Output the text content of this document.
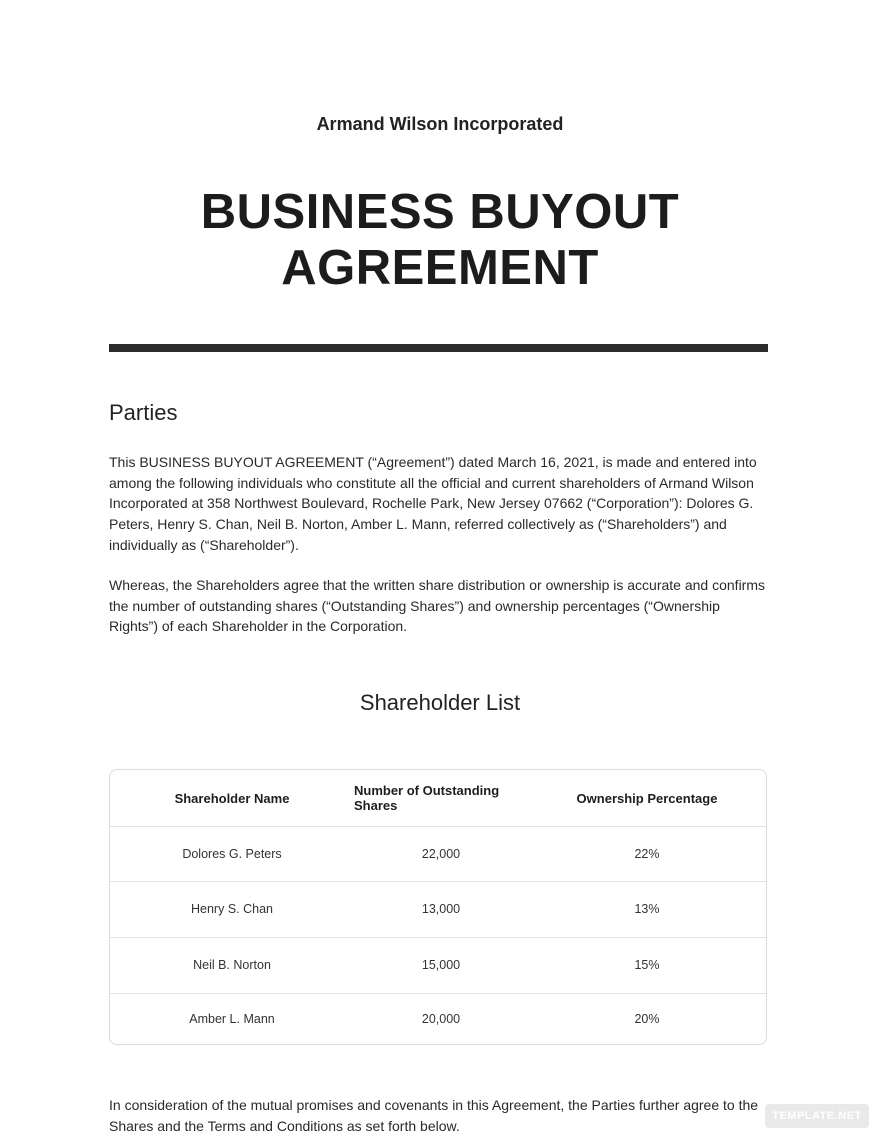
Armand Wilson Incorporated
BUSINESS BUYOUT
AGREEMENT
Parties
This BUSINESS BUYOUT AGREEMENT (“Agreement”) dated March 16, 2021, is made and entered into among the following individuals who constitute all the official and current shareholders of Armand Wilson Incorporated at 358 Northwest Boulevard, Rochelle Park, New Jersey 07662 (“Corporation”): Dolores G. Peters, Henry S. Chan, Neil B. Norton, Amber L. Mann, referred collectively as (“Shareholders”) and individually as (“Shareholder”).
Whereas, the Shareholders agree that the written share distribution or ownership is accurate and confirms the number of outstanding shares (“Outstanding Shares”) and ownership percentages (“Ownership Rights”) of each Shareholder in the Corporation.
Shareholder List
Shareholder Name	Number of Outstanding Shares	Ownership Percentage
Dolores G. Peters	22,000	22%
Henry S. Chan	13,000	13%
Neil B. Norton	15,000	15%
Amber L. Mann	20,000	20%
In consideration of the mutual promises and covenants in this Agreement, the Parties further agree to the Shares and the Terms and Conditions as set forth below.
TEMPLATE.NET
